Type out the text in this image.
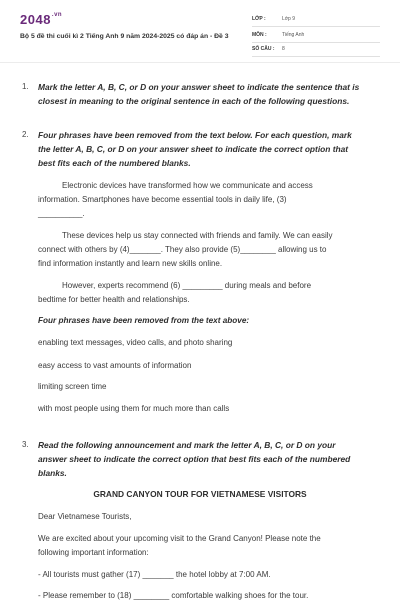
$2048^{.vn}$
Bộ 5 đề thi cuối kì 2 Tiếng Anh 9 năm 2024-2025 có đáp án - Đề 3
LỚP :	Lớp 9
MÔN :	Tiếng Anh
SỐ CÂU : 8
1. Mark the letter A, B, C, or D on your answer sheet to indicate the sentence that is
closest in meaning to the original sentence in each of the following questions.
2. Four phrases have been removed from the text below. For each question, mark
the letter A, B, C, or D on your answer sheet to indicate the correct option that
best fits each of the numbered blanks.
Electronic devices have transformed how we communicate and access
information. Smartphones have become essential tools in daily life, (3)
__________.
These devices help us stay connected with friends and family. We can easily
connect with others by (4)_______. They also provide (5)________ allowing us to
find information instantly and learn new skills online.
However, experts recommend (6) _________ during meals and before
bedtime for better health and relationships.
Four phrases have been removed from the text above:
enabling text messages, video calls, and photo sharing
easy access to vast amounts of information
limiting screen time
with most people using them for much more than calls
3. Read the following announcement and mark the letter A, B, C, or D on your
answer sheet to indicate the correct option that best fits each of the numbered
blanks.
GRAND CANYON TOUR FOR VIETNAMESE VISITORS
Dear Vietnamese Tourists,
We are excited about your upcoming visit to the Grand Canyon! Please note the
following important information:
- All tourists must gather (17) _______ the hotel lobby at 7:00 AM.
- Please remember to (18) ________ comfortable walking shoes for the tour.
